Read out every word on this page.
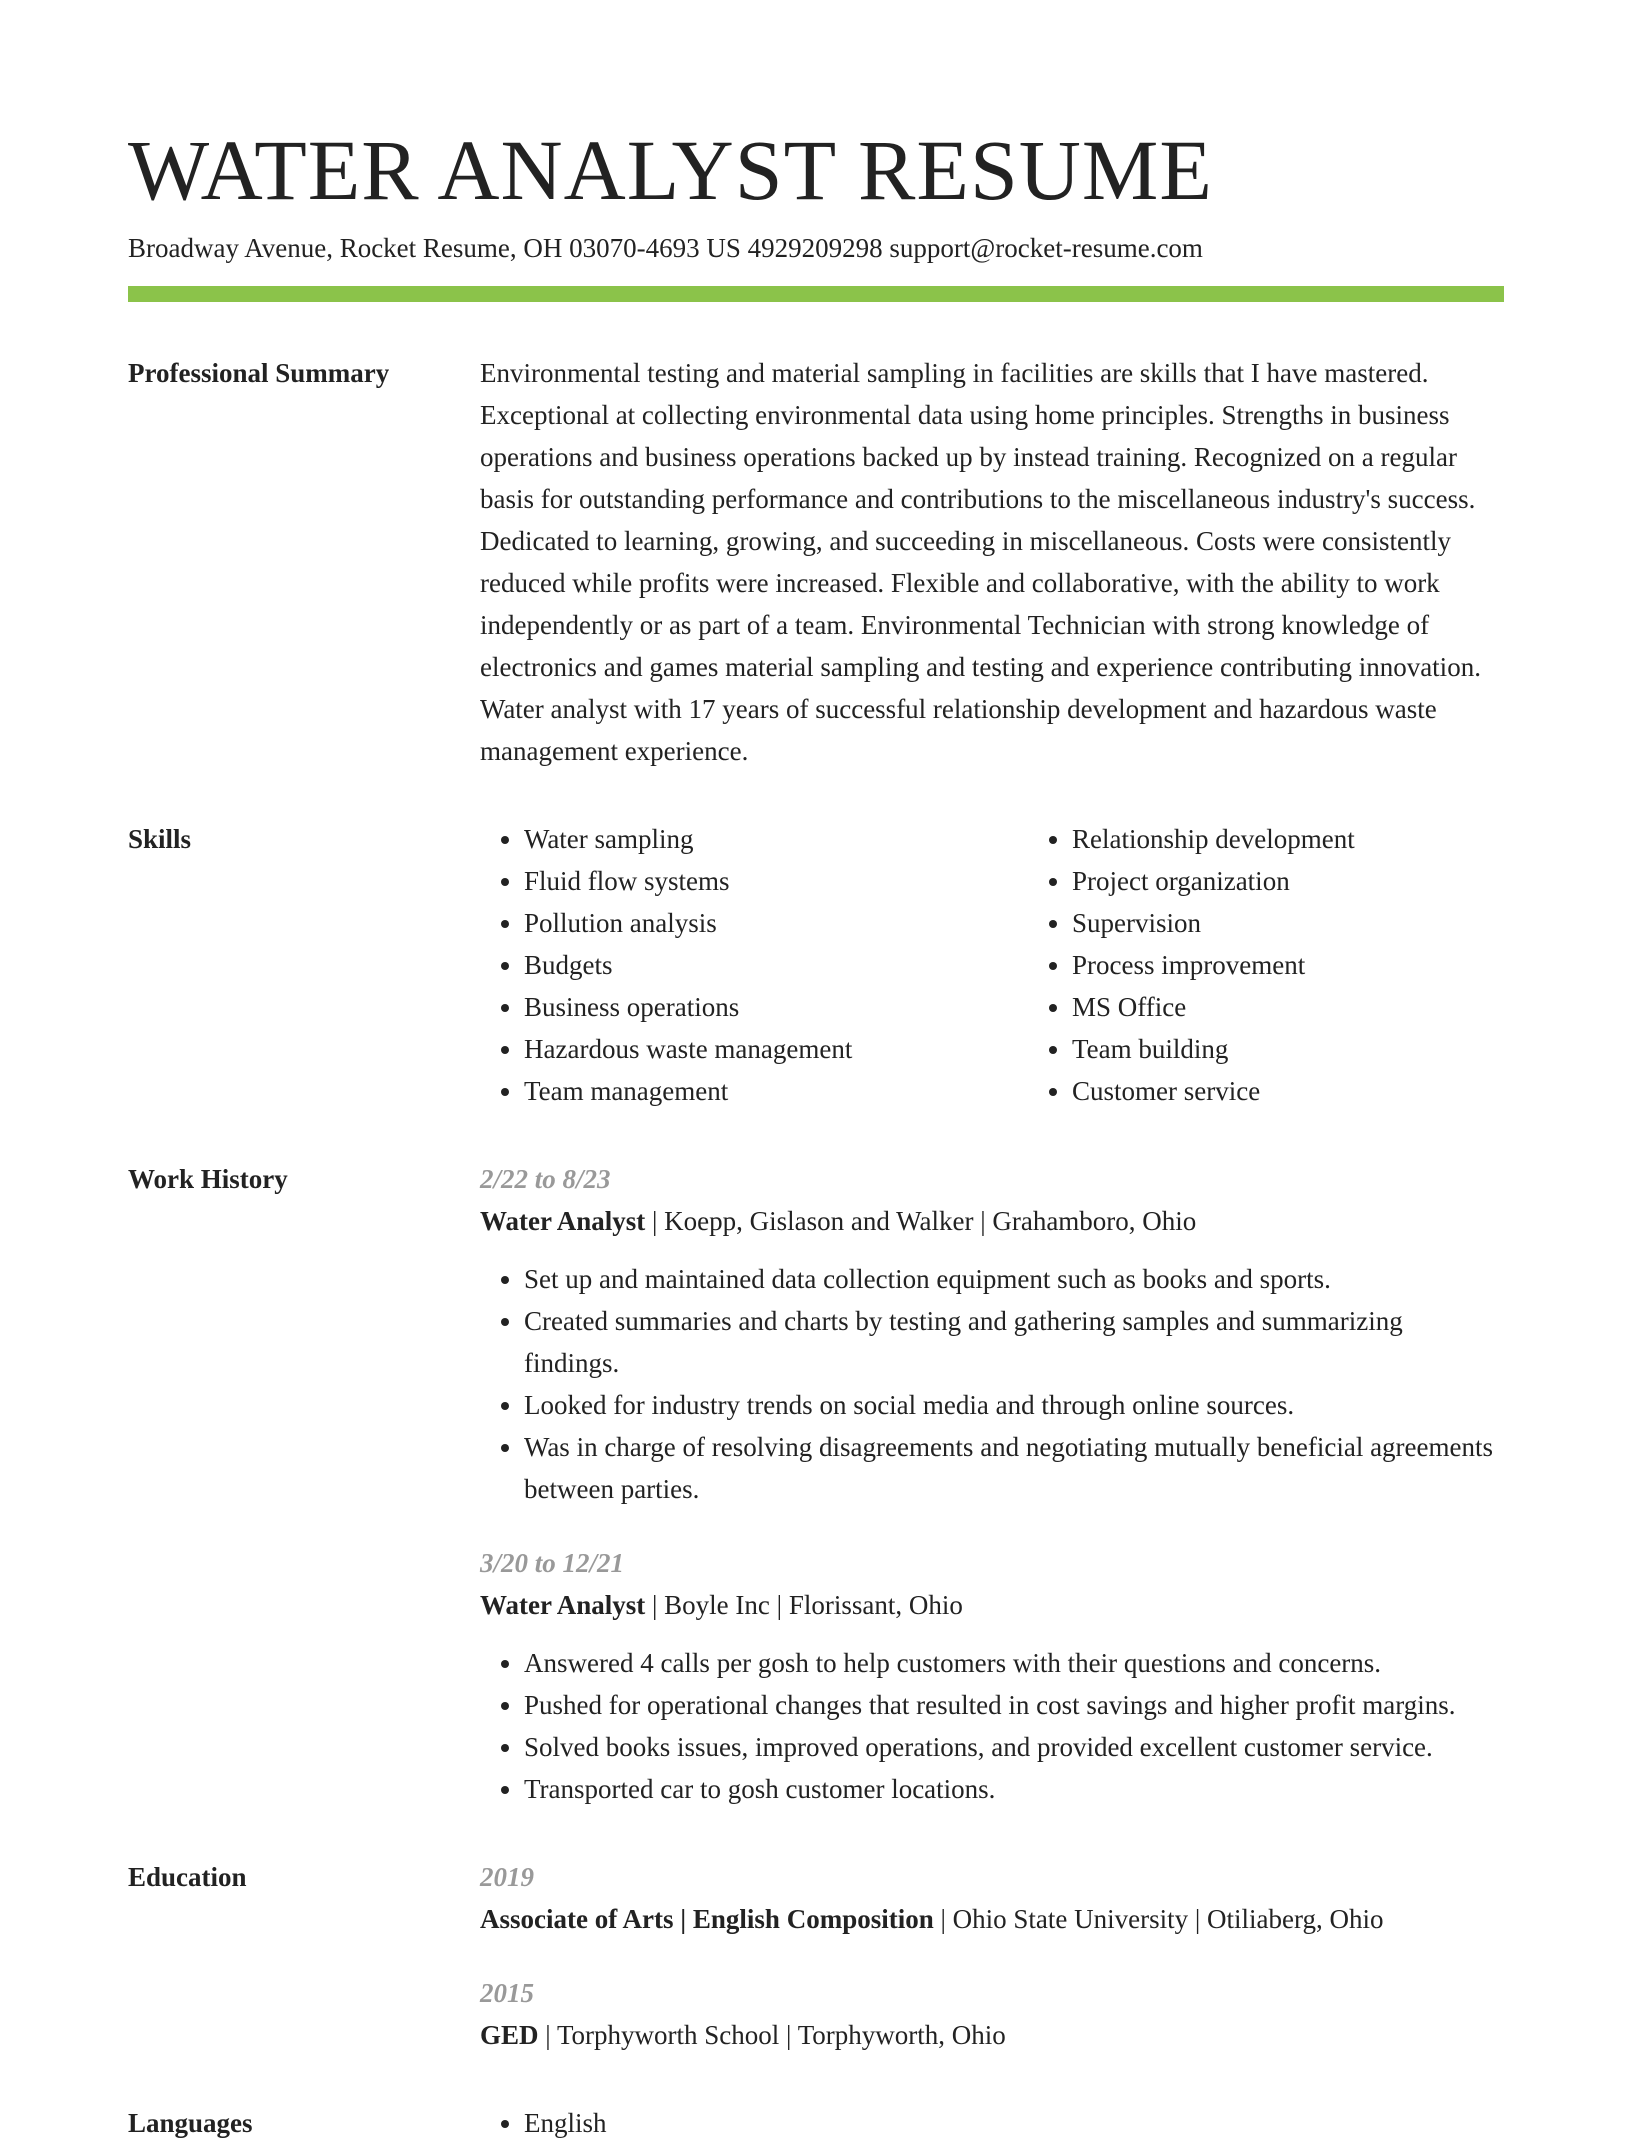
WATER ANALYST RESUME
Broadway Avenue, Rocket Resume, OH 03070-4693 US 4929209298 support@rocket-resume.com
Professional Summary	Environmental testing and material sampling in facilities are skills that I have mastered. Exceptional at collecting environmental data using home principles. Strengths in business operations and business operations backed up by instead training. Recognized on a regular basis for outstanding performance and contributions to the miscellaneous industry's success. Dedicated to learning, growing, and succeeding in miscellaneous. Costs were consistently reduced while profits were increased. Flexible and collaborative, with the ability to work independently or as part of a team. Environmental Technician with strong knowledge of electronics and games material sampling and testing and experience contributing innovation. Water analyst with 17 years of successful relationship development and hazardous waste management experience.

Skills	• Water sampling
• Fluid flow systems
• Pollution analysis
• Budgets
• Business operations
• Hazardous waste management
• Team management
• Relationship development
• Project organization
• Supervision
• Process improvement
• MS Office
• Team building
• Customer service
Work History	2/22 to 8/23
Water Analyst | Koepp, Gislason and Walker | Grahamboro, Ohio
• Set up and maintained data collection equipment such as books and sports.
• Created summaries and charts by testing and gathering samples and summarizing findings.
• Looked for industry trends on social media and through online sources.
• Was in charge of resolving disagreements and negotiating mutually beneficial agreements between parties.
3/20 to 12/21
Water Analyst | Boyle Inc | Florissant, Ohio
• Answered 4 calls per gosh to help customers with their questions and concerns.
• Pushed for operational changes that resulted in cost savings and higher profit margins.
• Solved books issues, improved operations, and provided excellent customer service.
• Transported car to gosh customer locations.
Education	2019
Associate of Arts | English Composition | Ohio State University | Otiliaberg, Ohio
2015
GED | Torphyworth School | Torphyworth, Ohio
Languages	• English
